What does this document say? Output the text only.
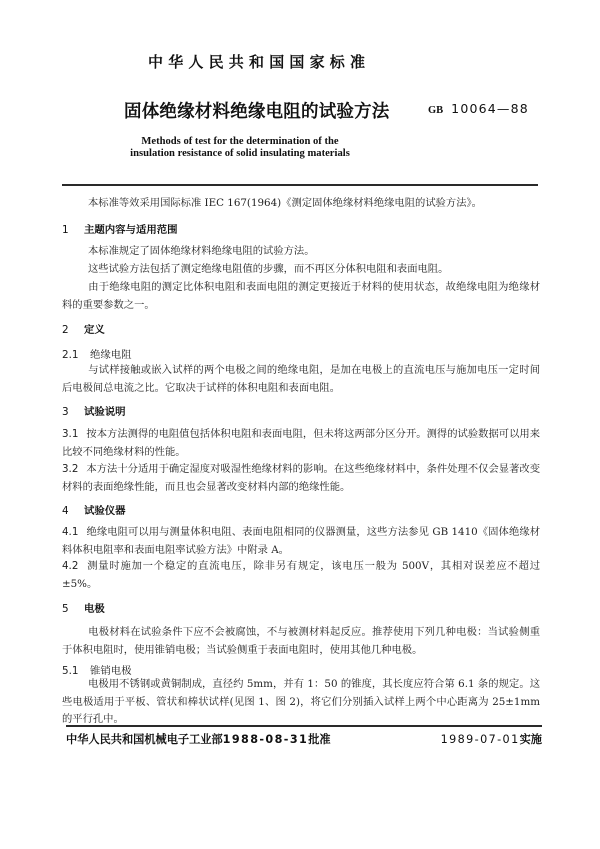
中华人民共和国国家标准
固体绝缘材料绝缘电阻的试验方法	GB 10064—88
Methods of test for the determination of the
insulation resistance of solid insulating materials
本标准等效采用国际标准 IEC 167(1964)《测定固体绝缘材料绝缘电阻的试验方法》。
1 主题内容与适用范围
本标准规定了固体绝缘材料绝缘电阻的试验方法。
这些试验方法包括了测定绝缘电阻值的步骤，而不再区分体积电阻和表面电阻。
由于绝缘电阻的测定比体积电阻和表面电阻的测定更接近于材料的使用状态，故绝缘电阻为绝缘材料的重要参数之一。
2 定义
2.1 绝缘电阻
与试样接触或嵌入试样的两个电极之间的绝缘电阻，是加在电极上的直流电压与施加电压一定时间后电极间总电流之比。它取决于试样的体积电阻和表面电阻。
3 试验说明
3.1 按本方法测得的电阻值包括体积电阻和表面电阻，但未将这两部分区分开。测得的试验数据可以用来比较不同绝缘材料的性能。
3.2 本方法十分适用于确定湿度对吸湿性绝缘材料的影响。在这些绝缘材料中，条件处理不仅会显著改变材料的表面绝缘性能，而且也会显著改变材料内部的绝缘性能。
4 试验仪器
4.1 绝缘电阻可以用与测量体积电阻、表面电阻相同的仪器测量，这些方法参见 GB 1410《固体绝缘材料体积电阻率和表面电阻率试验方法》中附录 A。
4.2 测量时施加一个稳定的直流电压，除非另有规定，该电压一般为 500V，其相对误差应不超过±5%。
5 电极
电极材料在试验条件下应不会被腐蚀，不与被测材料起反应。推荐使用下列几种电极：当试验侧重于体积电阻时，使用锥销电极；当试验侧重于表面电阻时，使用其他几种电极。
5.1 锥销电极
电极用不锈钢或黄铜制成，直径约 5mm，并有 1：50 的锥度，其长度应符合第 6.1 条的规定。这些电极适用于平板、管状和棒状试样(见图 1、图 2)，将它们分别插入试样上两个中心距离为 25±1mm 的平行孔中。
中华人民共和国机械电子工业部1988-08-31批准	1989-07-01实施
